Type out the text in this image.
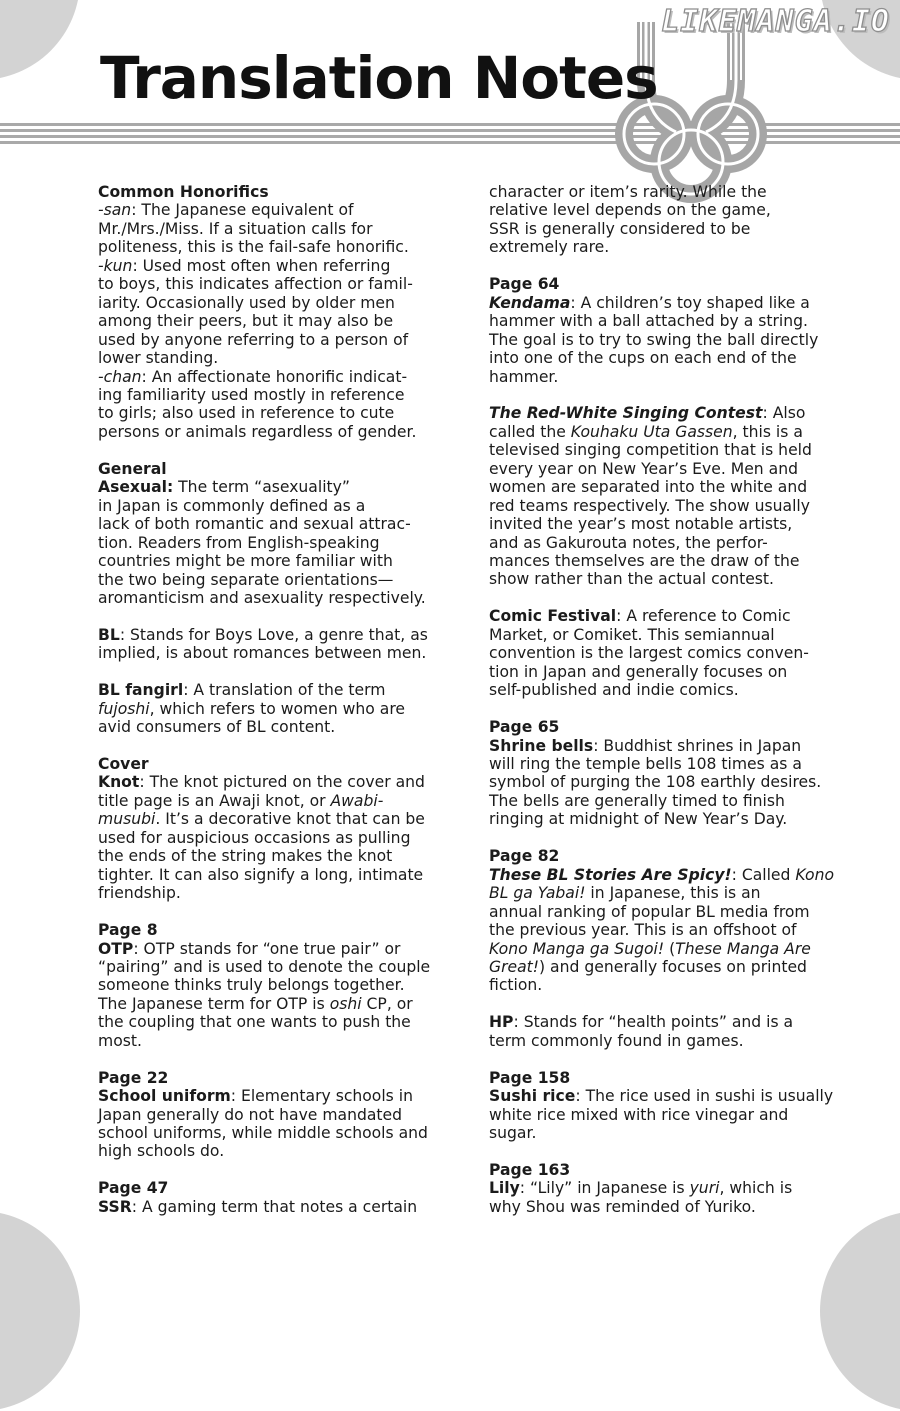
LIKEMANGA.IO
Translation Notes

Common Honorifics
-san: The Japanese equivalent of
Mr./Mrs./Miss. If a situation calls for
politeness, this is the fail-safe honorific.
-kun: Used most often when referring
to boys, this indicates affection or famil-
iarity. Occasionally used by older men
among their peers, but it may also be
used by anyone referring to a person of
lower standing.
-chan: An affectionate honorific indicat-
ing familiarity used mostly in reference
to girls; also used in reference to cute
persons or animals regardless of gender.

General
Asexual: The term “asexuality”
in Japan is commonly defined as a
lack of both romantic and sexual attrac-
tion. Readers from English-speaking
countries might be more familiar with
the two being separate orientations—
aromanticism and asexuality respectively.

BL: Stands for Boys Love, a genre that, as
implied, is about romances between men.

BL fangirl: A translation of the term
fujoshi, which refers to women who are
avid consumers of BL content.

Cover
Knot: The knot pictured on the cover and
title page is an Awaji knot, or Awabi-
musubi. It’s a decorative knot that can be
used for auspicious occasions as pulling
the ends of the string makes the knot
tighter. It can also signify a long, intimate
friendship.

Page 8
OTP: OTP stands for “one true pair” or
“pairing” and is used to denote the couple
someone thinks truly belongs together.
The Japanese term for OTP is oshi CP, or
the coupling that one wants to push the
most.

Page 22
School uniform: Elementary schools in
Japan generally do not have mandated
school uniforms, while middle schools and
high schools do.

Page 47
SSR: A gaming term that notes a certain

character or item’s rarity. While the
relative level depends on the game,
SSR is generally considered to be
extremely rare.

Page 64
Kendama: A children’s toy shaped like a
hammer with a ball attached by a string.
The goal is to try to swing the ball directly
into one of the cups on each end of the
hammer.

The Red-White Singing Contest: Also
called the Kouhaku Uta Gassen, this is a
televised singing competition that is held
every year on New Year’s Eve. Men and
women are separated into the white and
red teams respectively. The show usually
invited the year’s most notable artists,
and as Gakurouta notes, the perfor-
mances themselves are the draw of the
show rather than the actual contest.

Comic Festival: A reference to Comic
Market, or Comiket. This semiannual
convention is the largest comics conven-
tion in Japan and generally focuses on
self-published and indie comics.

Page 65
Shrine bells: Buddhist shrines in Japan
will ring the temple bells 108 times as a
symbol of purging the 108 earthly desires.
The bells are generally timed to finish
ringing at midnight of New Year’s Day.

Page 82
These BL Stories Are Spicy!: Called Kono
BL ga Yabai! in Japanese, this is an
annual ranking of popular BL media from
the previous year. This is an offshoot of
Kono Manga ga Sugoi! (These Manga Are
Great!) and generally focuses on printed
fiction.

HP: Stands for “health points” and is a
term commonly found in games.

Page 158
Sushi rice: The rice used in sushi is usually
white rice mixed with rice vinegar and
sugar.

Page 163
Lily: “Lily” in Japanese is yuri, which is
why Shou was reminded of Yuriko.
